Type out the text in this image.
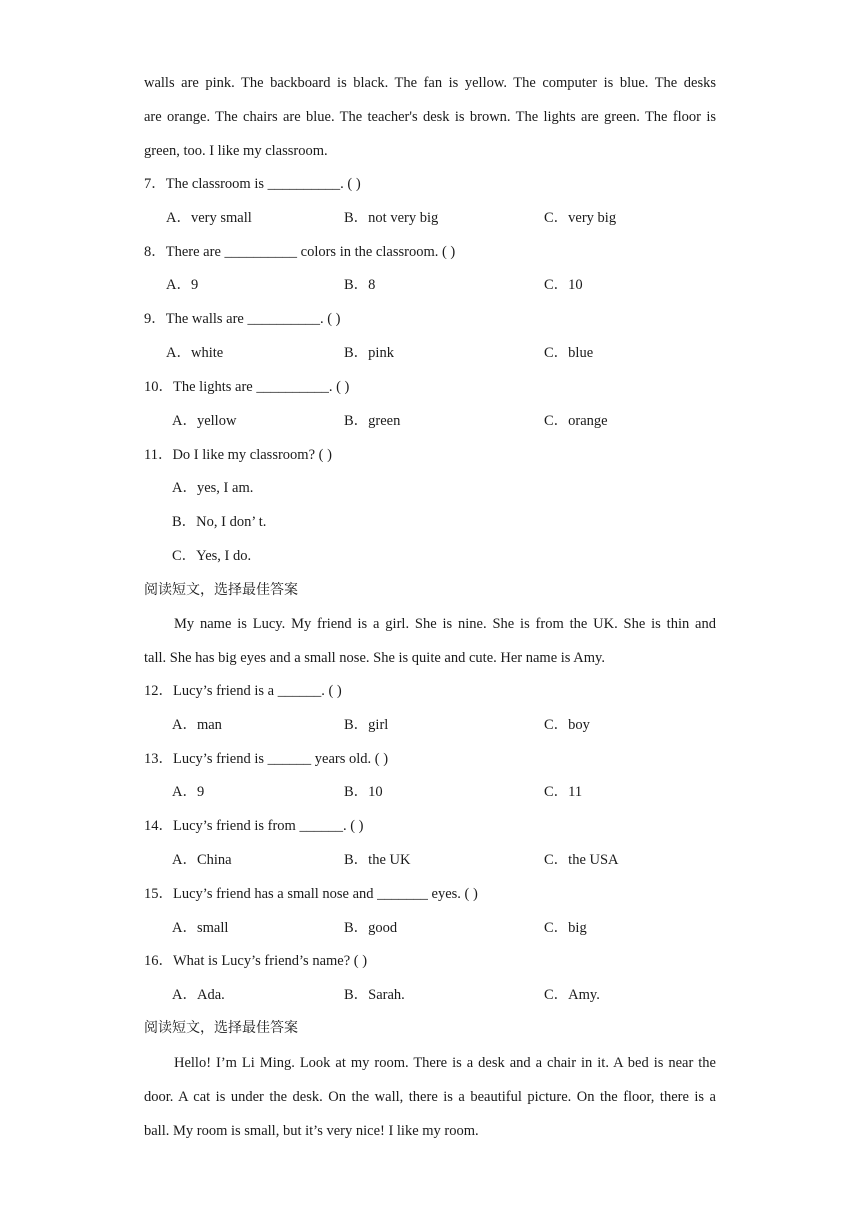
walls are pink. The backboard is black. The fan is yellow. The computer is blue. The desks
are orange. The chairs are blue. The teacher's desk is brown. The lights are green. The floor is
green, too. I like my classroom.
7．The classroom is __________. ( )
A．very small	B．not very big	C．very big
8．There are __________ colors in the classroom. ( )
A．9	B．8	C．10
9．The walls are __________. ( )
A．white	B．pink	C．blue
10．The lights are __________. ( )
A．yellow	B．green	C．orange
11．Do I like my classroom? ( )
A．yes, I am.
B．No, I don’ t.
C．Yes, I do.
阅读短文，选择最佳答案
My name is Lucy. My friend is a girl. She is nine. She is from the UK. She is thin and
tall. She has big eyes and a small nose. She is quite and cute. Her name is Amy.
12．Lucy’s friend is a ______. ( )
A．man	B．girl	C．boy
13．Lucy’s friend is ______ years old. ( )
A．9	B．10	C．11
14．Lucy’s friend is from ______. ( )
A．China	B．the UK	C．the USA
15．Lucy’s friend has a small nose and _______ eyes. ( )
A．small	B．good	C．big
16．What is Lucy’s friend’s name? ( )
A．Ada.	B．Sarah.	C．Amy.
阅读短文，选择最佳答案
Hello! I’m Li Ming. Look at my room. There is a desk and a chair in it. A bed is near the
door. A cat is under the desk. On the wall, there is a beautiful picture. On the floor, there is a
ball. My room is small, but it’s very nice! I like my room.
